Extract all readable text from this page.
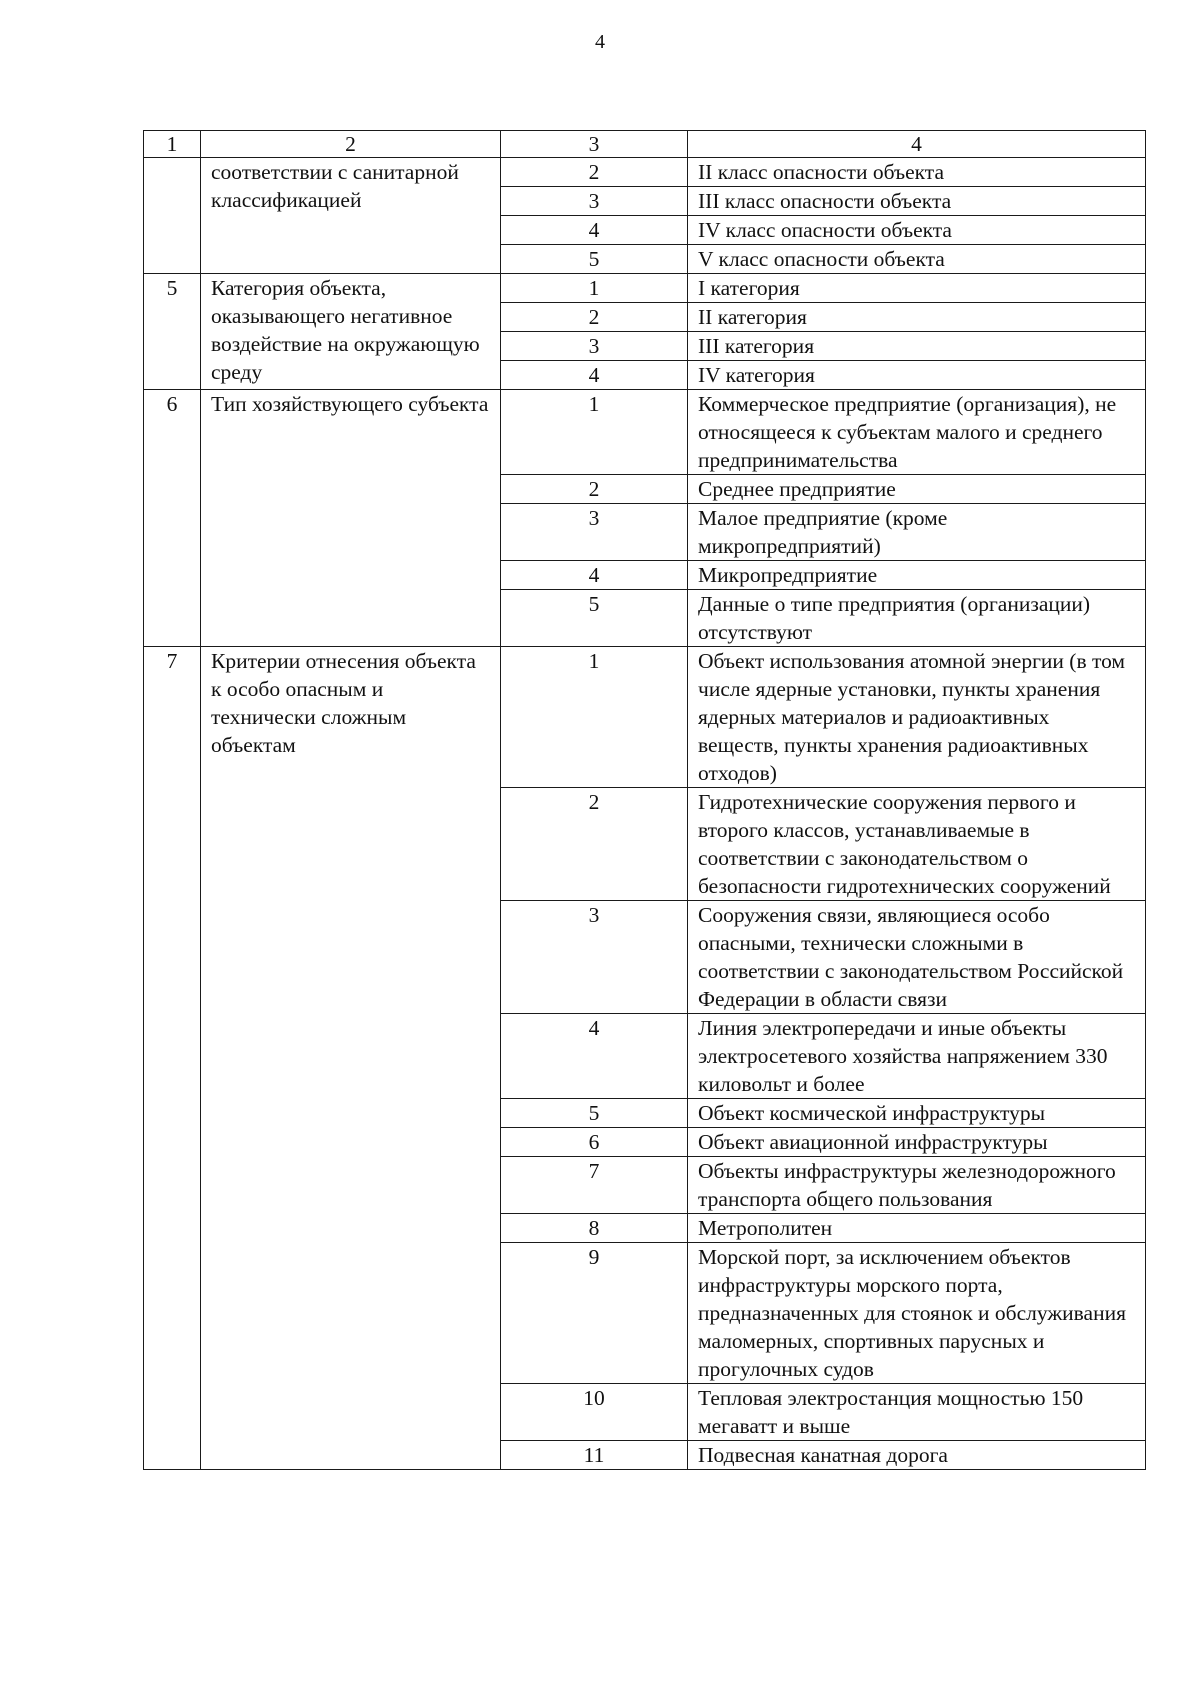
4
1	2	3	4
	соответствии с санитарной классификацией	2	II класс опасности объекта
		3	III класс опасности объекта
		4	IV класс опасности объекта
		5	V класс опасности объекта
5	Категория объекта, оказывающего негативное воздействие на окружающую среду	1	I категория
		2	II категория
		3	III категория
		4	IV категория
6	Тип хозяйствующего субъекта	1	Коммерческое предприятие (организация), не относящееся к субъектам малого и среднего предпринимательства
		2	Среднее предприятие
		3	Малое предприятие (кроме микропредприятий)
		4	Микропредприятие
		5	Данные о типе предприятия (организации) отсутствуют
7	Критерии отнесения объекта к особо опасным и технически сложным объектам	1	Объект использования атомной энергии (в том числе ядерные установки, пункты хранения ядерных материалов и радиоактивных веществ, пункты хранения радиоактивных отходов)
		2	Гидротехнические сооружения первого и второго классов, устанавливаемые в соответствии с законодательством о безопасности гидротехнических сооружений
		3	Сооружения связи, являющиеся особо опасными, технически сложными в соответствии с законодательством Российской Федерации в области связи
		4	Линия электропередачи и иные объекты электросетевого хозяйства напряжением 330 киловольт и более
		5	Объект космической инфраструктуры
		6	Объект авиационной инфраструктуры
		7	Объекты инфраструктуры железнодорожного транспорта общего пользования
		8	Метрополитен
		9	Морской порт, за исключением объектов инфраструктуры морского порта, предназначенных для стоянок и обслуживания маломерных, спортивных парусных и прогулочных судов
		10	Тепловая электростанция мощностью 150 мегаватт и выше
		11	Подвесная канатная дорога
